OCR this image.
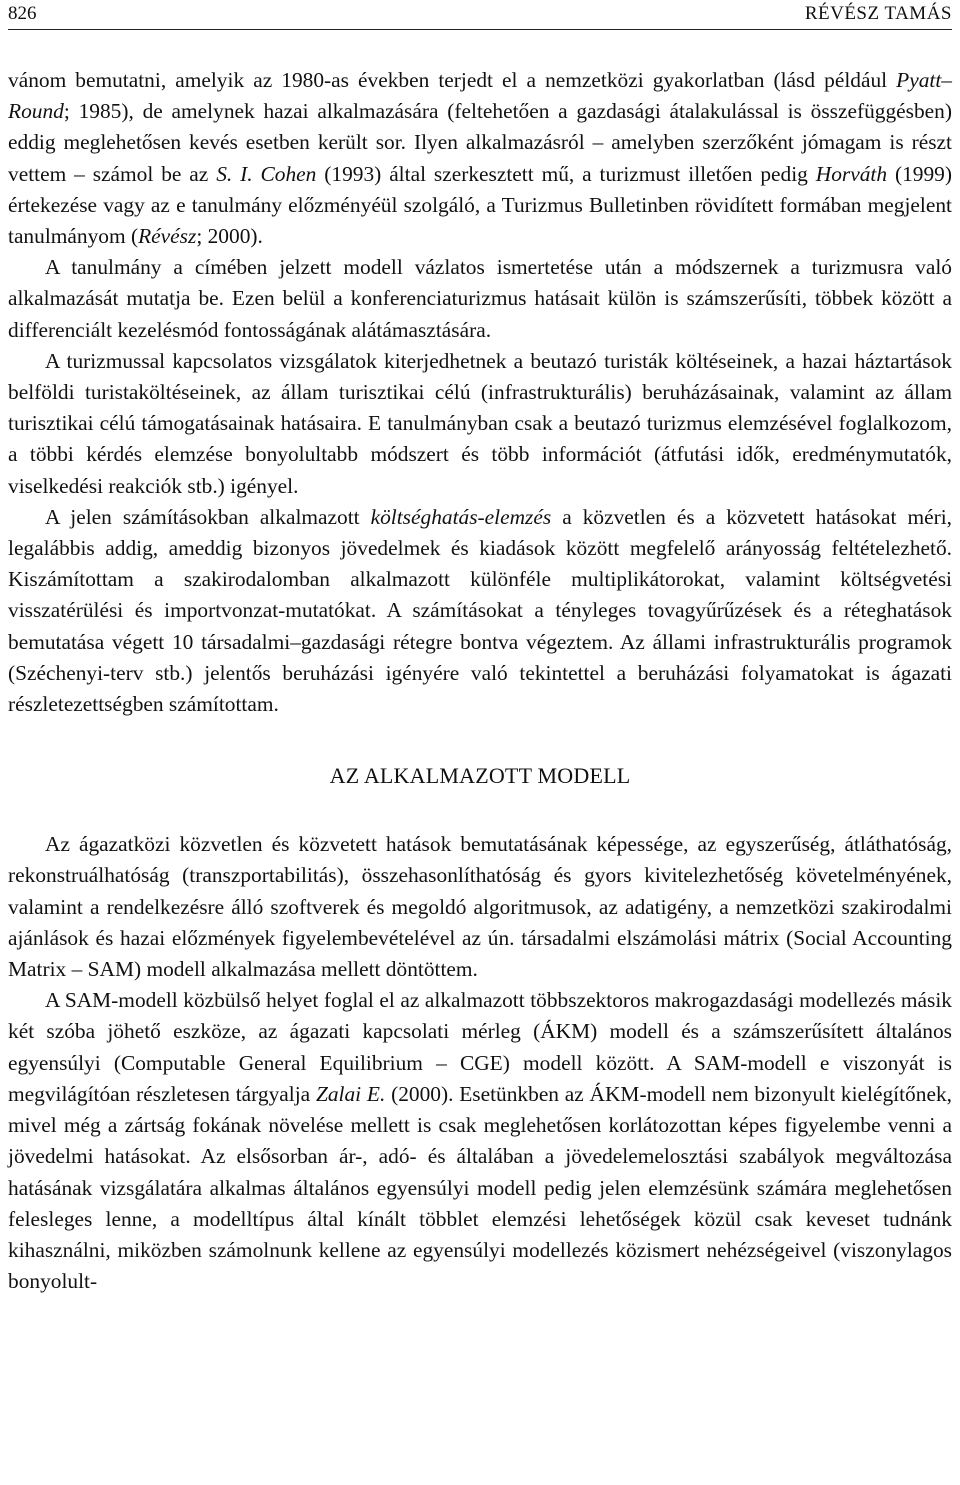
826	RÉVÉSZ TAMÁS

vánom bemutatni, amelyik az 1980-as években terjedt el a nemzetközi gyakorlatban (lásd például Pyatt–Round; 1985), de amelynek hazai alkalmazására (feltehetően a gazdasági átalakulással is összefüggésben) eddig meglehetősen kevés esetben került sor. Ilyen alkalmazásról – amelyben szerzőként jómagam is részt vettem – számol be az S. I. Cohen (1993) által szerkesztett mű, a turizmust illetően pedig Horváth (1999) értekezése vagy az e tanulmány előzményéül szolgáló, a Turizmus Bulletinben rövidített formában megjelent tanulmányom (Révész; 2000).

A tanulmány a címében jelzett modell vázlatos ismertetése után a módszernek a turizmusra való alkalmazását mutatja be. Ezen belül a konferenciaturizmus hatásait külön is számszerűsíti, többek között a differenciált kezelésmód fontosságának alátámasztására.

A turizmussal kapcsolatos vizsgálatok kiterjedhetnek a beutazó turisták költéseinek, a hazai háztartások belföldi turistaköltéseinek, az állam turisztikai célú (infrastrukturális) beruházásainak, valamint az állam turisztikai célú támogatásainak hatásaira. E tanulmányban csak a beutazó turizmus elemzésével foglalkozom, a többi kérdés elemzése bonyolultabb módszert és több információt (átfutási idők, eredménymutatók, viselkedési reakciók stb.) igényel.

A jelen számításokban alkalmazott költséghatás-elemzés a közvetlen és a közvetett hatásokat méri, legalábbis addig, ameddig bizonyos jövedelmek és kiadások között megfelelő arányosság feltételezhető. Kiszámítottam a szakirodalomban alkalmazott különféle multiplikátorokat, valamint költségvetési visszatérülési és importvonzat-mutatókat. A számításokat a tényleges tovagyűrűzések és a réteghatások bemutatása végett 10 társadalmi–gazdasági rétegre bontva végeztem. Az állami infrastrukturális programok (Széchenyi-terv stb.) jelentős beruházási igényére való tekintettel a beruházási folyamatokat is ágazati részletezettségben számítottam.

AZ ALKALMAZOTT MODELL

Az ágazatközi közvetlen és közvetett hatások bemutatásának képessége, az egyszerűség, átláthatóság, rekonstruálhatóság (transzportabilitás), összehasonlíthatóság és gyors kivitelezhetőség követelményének, valamint a rendelkezésre álló szoftverek és megoldó algoritmusok, az adatigény, a nemzetközi szakirodalmi ajánlások és hazai előzmények figyelembevételével az ún. társadalmi elszámolási mátrix (Social Accounting Matrix – SAM) modell alkalmazása mellett döntöttem.

A SAM-modell közbülső helyet foglal el az alkalmazott többszektoros makrogazdasági modellezés másik két szóba jöhető eszköze, az ágazati kapcsolati mérleg (ÁKM) modell és a számszerűsített általános egyensúlyi (Computable General Equilibrium – CGE) modell között. A SAM-modell e viszonyát is megvilágítóan részletesen tárgyalja Zalai E. (2000). Esetünkben az ÁKM-modell nem bizonyult kielégítőnek, mivel még a zártság fokának növelése mellett is csak meglehetősen korlátozottan képes figyelembe venni a jövedelmi hatásokat. Az elsősorban ár-, adó- és általában a jövedelemelosztási szabályok megváltozása hatásának vizsgálatára alkalmas általános egyensúlyi modell pedig jelen elemzésünk számára meglehetősen felesleges lenne, a modelltípus által kínált többlet elemzési lehetőségek közül csak keveset tudnánk kihasználni, miközben számolnunk kellene az egyensúlyi modellezés közismert nehézségeivel (viszonylagos bonyolult-
